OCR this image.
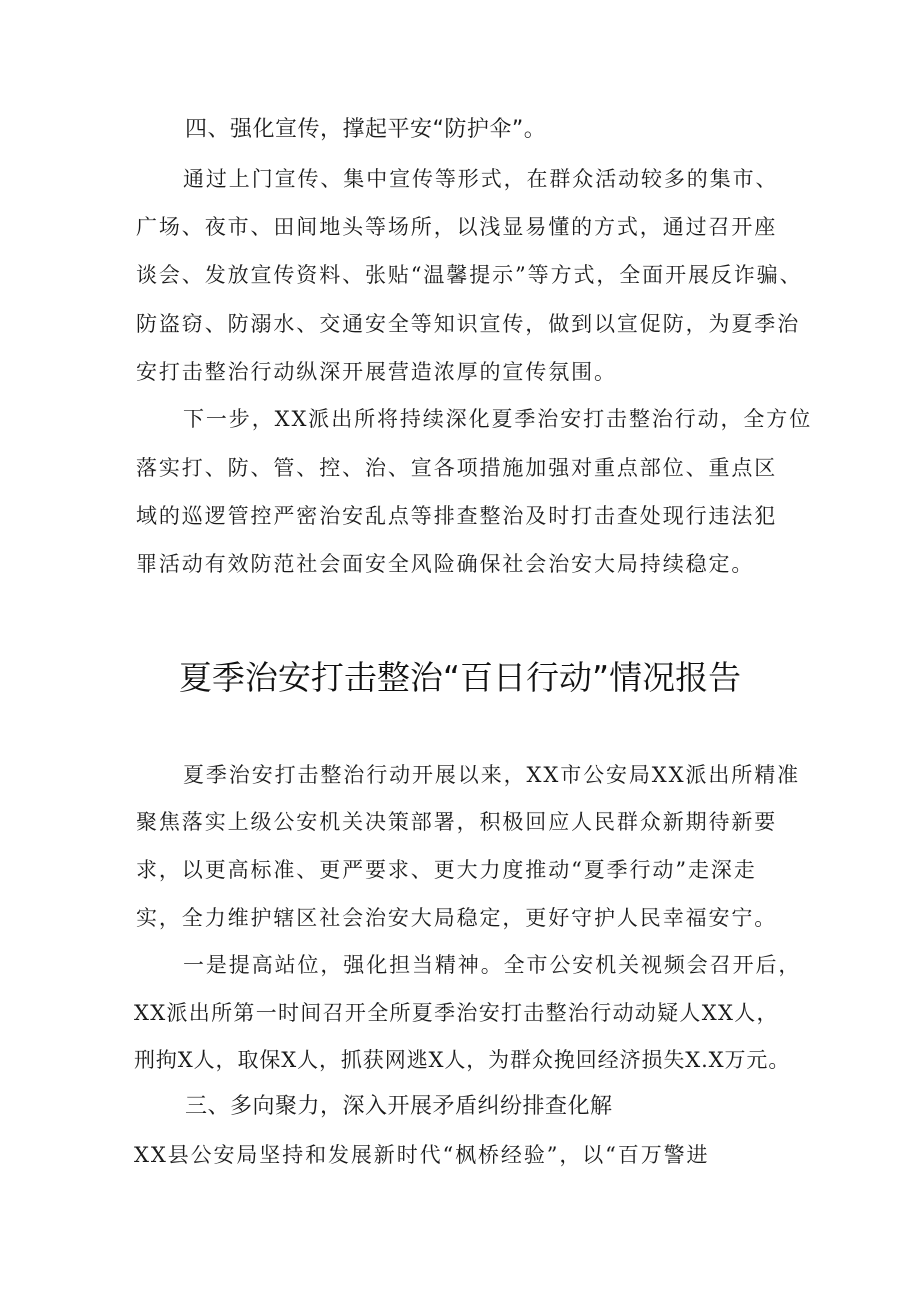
四、强化宣传，撑起平安“防护伞”。
通过上门宣传、集中宣传等形式，在群众活动较多的集市、
广场、夜市、田间地头等场所，以浅显易懂的方式，通过召开座
谈会、发放宣传资料、张贴“温馨提示”等方式，全面开展反诈骗、
防盗窃、防溺水、交通安全等知识宣传，做到以宣促防，为夏季治
安打击整治行动纵深开展营造浓厚的宣传氛围。
下一步，XX派出所将持续深化夏季治安打击整治行动，全方位
落实打、防、管、控、治、宣各项措施加强对重点部位、重点区
域的巡逻管控严密治安乱点等排查整治及时打击查处现行违法犯
罪活动有效防范社会面安全风险确保社会治安大局持续稳定。
夏季治安打击整治“百日行动”情况报告
夏季治安打击整治行动开展以来，XX市公安局XX派出所精准
聚焦落实上级公安机关决策部署，积极回应人民群众新期待新要
求，以更高标准、更严要求、更大力度推动“夏季行动”走深走
实，全力维护辖区社会治安大局稳定，更好守护人民幸福安宁。
一是提高站位，强化担当精神。全市公安机关视频会召开后，
XX派出所第一时间召开全所夏季治安打击整治行动动疑人XX人，
刑拘X人，取保X人，抓获网逃X人，为群众挽回经济损失X.X万元。
三、多向聚力，深入开展矛盾纠纷排查化解
XX县公安局坚持和发展新时代“枫桥经验”，以“百万警进
